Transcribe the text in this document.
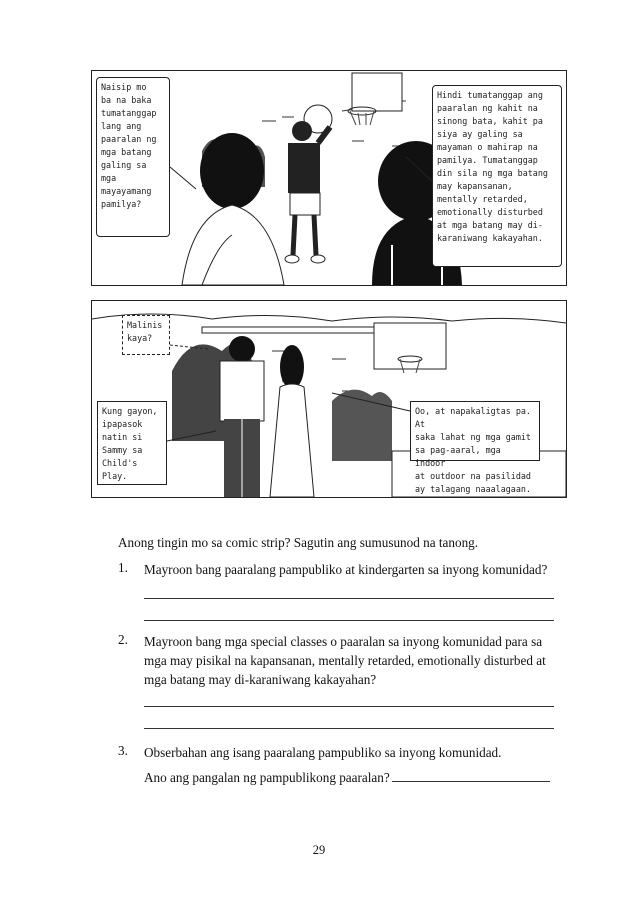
Naisip mo
ba na baka
tumatanggap
lang ang
paaralan ng
mga batang
galing sa
mga
mayayamang
pamilya?
Hindi tumatanggap ang
paaralan ng kahit na
sinong bata, kahit pa
siya ay galing sa
mayaman o mahirap na
pamilya. Tumatanggap
din sila ng mga batang
may kapansanan,
mentally retarded,
emotionally disturbed
at mga batang may di-
karaniwang kakayahan.
Malinis
kaya?
Kung gayon,
ipapasok
natin si
Sammy sa
Child's Play.
Oo, at napakaligtas pa. At
saka lahat ng mga gamit
sa pag-aaral, mga indoor
at outdoor na pasilidad
ay talagang naaalagaan.
Anong tingin mo sa comic strip? Sagutin ang sumusunod na tanong.
1. Mayroon bang paaralang pampubliko at kindergarten sa inyong komunidad?
2. Mayroon bang mga special classes o paaralan sa inyong komunidad para sa mga may pisikal na kapansanan, mentally retarded, emotionally disturbed at mga batang may di-karaniwang kakayahan?
3. Obserbahan ang isang paaralang pampubliko sa inyong komunidad.
Ano ang pangalan ng pampublikong paaralan?
29
